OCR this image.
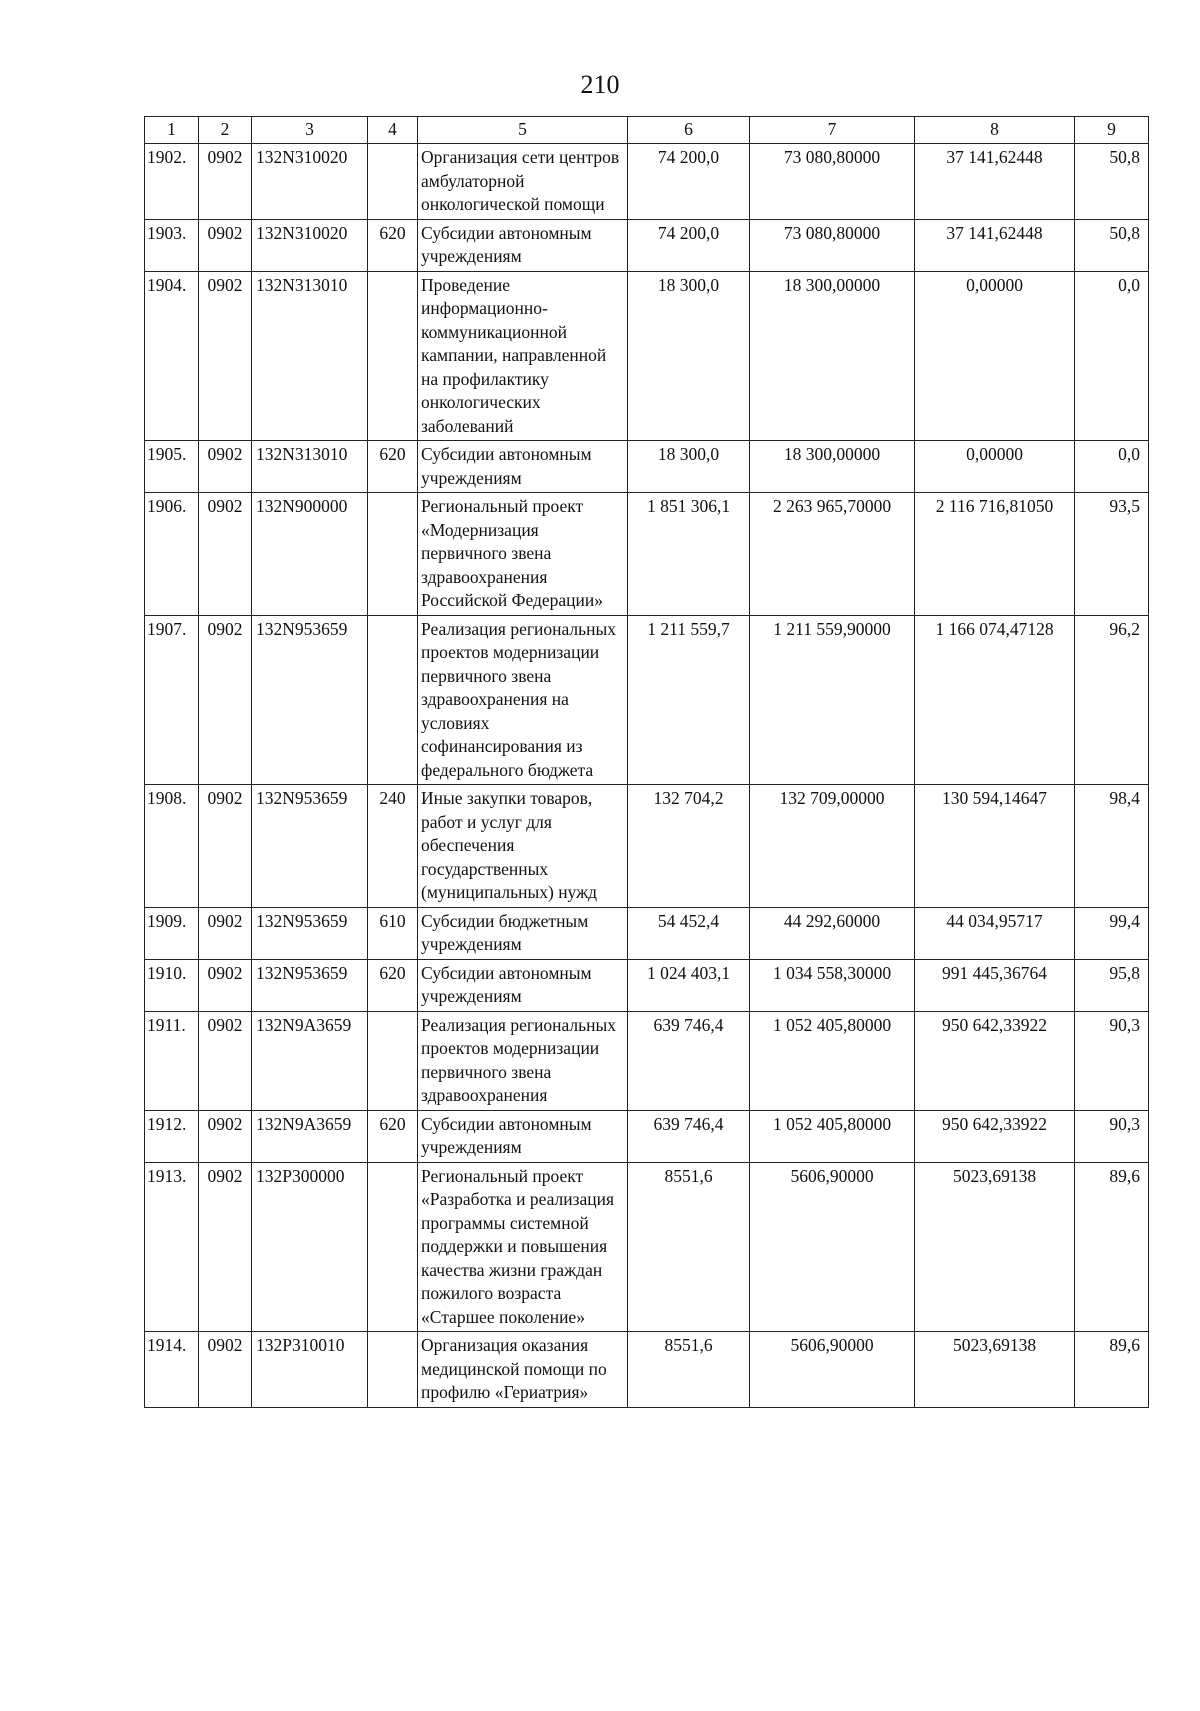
210
1	2	3	4	5	6	7	8	9
1902.	0902	132N310020		Организация сети центров амбулаторной онкологической помощи	74 200,0	73 080,80000	37 141,62448	50,8
1903.	0902	132N310020	620	Субсидии автономным учреждениям	74 200,0	73 080,80000	37 141,62448	50,8
1904.	0902	132N313010		Проведение информационно-коммуникационной кампании, направленной на профилактику онкологических заболеваний	18 300,0	18 300,00000	0,00000	0,0
1905.	0902	132N313010	620	Субсидии автономным учреждениям	18 300,0	18 300,00000	0,00000	0,0
1906.	0902	132N900000		Региональный проект «Модернизация первичного звена здравоохранения Российской Федерации»	1 851 306,1	2 263 965,70000	2 116 716,81050	93,5
1907.	0902	132N953659		Реализация региональных проектов модернизации первичного звена здравоохранения на условиях софинансирования из федерального бюджета	1 211 559,7	1 211 559,90000	1 166 074,47128	96,2
1908.	0902	132N953659	240	Иные закупки товаров, работ и услуг для обеспечения государственных (муниципальных) нужд	132 704,2	132 709,00000	130 594,14647	98,4
1909.	0902	132N953659	610	Субсидии бюджетным учреждениям	54 452,4	44 292,60000	44 034,95717	99,4
1910.	0902	132N953659	620	Субсидии автономным учреждениям	1 024 403,1	1 034 558,30000	991 445,36764	95,8
1911.	0902	132N9A3659		Реализация региональных проектов модернизации первичного звена здравоохранения	639 746,4	1 052 405,80000	950 642,33922	90,3
1912.	0902	132N9A3659	620	Субсидии автономным учреждениям	639 746,4	1 052 405,80000	950 642,33922	90,3
1913.	0902	132P300000		Региональный проект «Разработка и реализация программы системной поддержки и повышения качества жизни граждан пожилого возраста «Старшее поколение»	8551,6	5606,90000	5023,69138	89,6
1914.	0902	132P310010		Организация оказания медицинской помощи по профилю «Гериатрия»	8551,6	5606,90000	5023,69138	89,6
